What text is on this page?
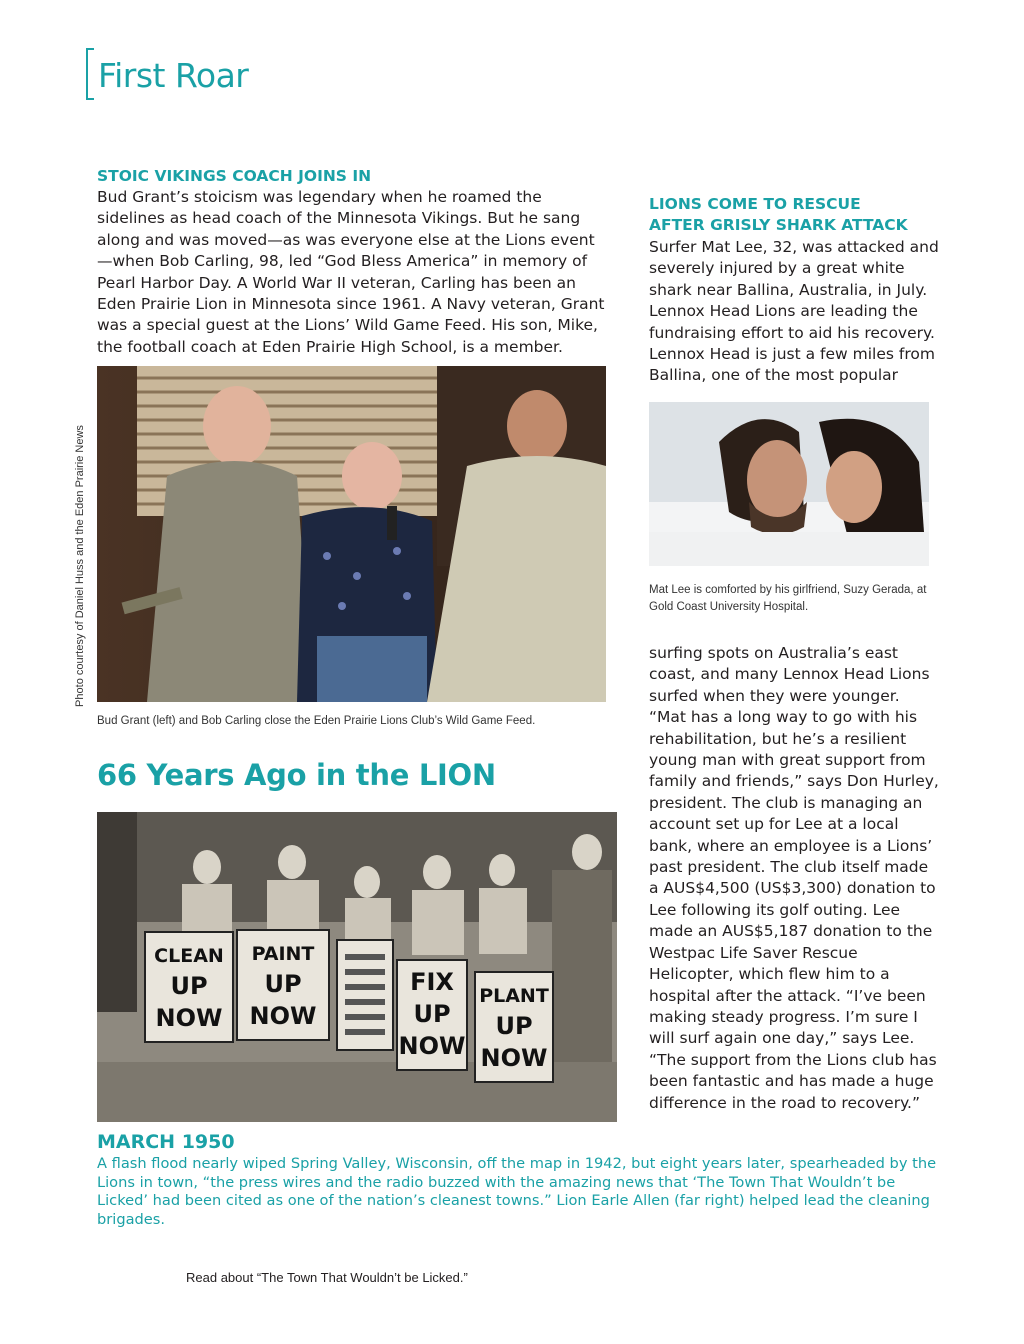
First Roar
STOIC VIKINGS COACH JOINS IN
Bud Grant’s stoicism was legendary when he roamed the sidelines as head coach of the Minnesota Vikings. But he sang along and was moved—as was everyone else at the Lions event—when Bob Carling, 98, led “God Bless America” in memory of Pearl Harbor Day. A World War II veteran, Carling has been an Eden Prairie Lion in Minnesota since 1961. A Navy veteran, Grant was a special guest at the Lions’ Wild Game Feed. His son, Mike, the football coach at Eden Prairie High School, is a member.
Photo courtesy of Daniel Huss and the Eden Prairie News
Bud Grant (left) and Bob Carling close the Eden Prairie Lions Club’s Wild Game Feed.
LIONS COME TO RESCUE
AFTER GRISLY SHARK ATTACK
Surfer Mat Lee, 32, was attacked and severely injured by a great white shark near Ballina, Australia, in July. Lennox Head Lions are leading the fundraising effort to aid his recovery. Lennox Head is just a few miles from Ballina, one of the most popular
Mat Lee is comforted by his girlfriend, Suzy Gerada, at Gold Coast University Hospital.
surfing spots on Australia’s east coast, and many Lennox Head Lions surfed when they were younger. “Mat has a long way to go with his rehabilitation, but he’s a resilient young man with great support from family and friends,” says Don Hurley, president. The club is managing an account set up for Lee at a local bank, where an employee is a Lions’ past president. The club itself made a AUS$4,500 (US$3,300) donation to Lee following its golf outing. Lee made an AUS$5,187 donation to the Westpac Life Saver Rescue Helicopter, which flew him to a hospital after the attack. “I’ve been making steady progress. I’m sure I will surf again one day,” says Lee. “The support from the Lions club has been fantastic and has made a huge difference in the road to recovery.”
66 Years Ago in the LION
CLEAN
UP
NOW
PAINT
UP
NOW
FIX
UP
NOW
PLANT
UP
NOW
MARCH 1950
A flash flood nearly wiped Spring Valley, Wisconsin, off the map in 1942, but eight years later, spearheaded by the Lions in town, “the press wires and the radio buzzed with the amazing news that ‘The Town That Wouldn’t be Licked’ had been cited as one of the nation’s cleanest towns.” Lion Earle Allen (far right) helped lead the cleaning brigades.
Read about “The Town That Wouldn’t be Licked.”
